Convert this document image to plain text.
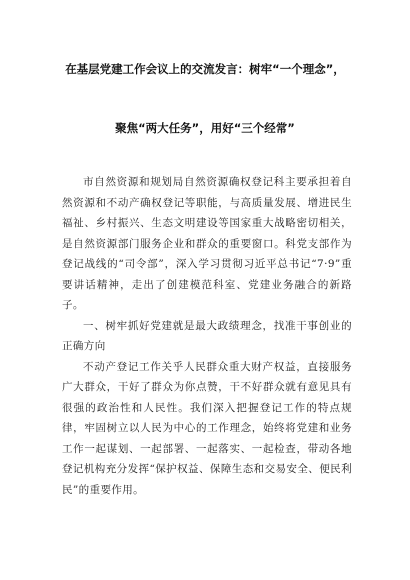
在基层党建工作会议上的交流发言：树牢“一个理念”，
聚焦“两大任务”，用好“三个经常”

市自然资源和规划局自然资源确权登记科主要承担着自然资源和不动产确权登记等职能，与高质量发展、增进民生福祉、乡村振兴、生态文明建设等国家重大战略密切相关，是自然资源部门服务企业和群众的重要窗口。科党支部作为登记战线的“司令部”，深入学习贯彻习近平总书记“7·9”重要讲话精神，走出了创建模范科室、党建业务融合的新路子。

一、树牢抓好党建就是最大政绩理念，找准干事创业的正确方向

不动产登记工作关乎人民群众重大财产权益，直接服务广大群众，干好了群众为你点赞，干不好群众就有意见具有很强的政治性和人民性。我们深入把握登记工作的特点规律，牢固树立以人民为中心的工作理念，始终将党建和业务工作一起谋划、一起部署、一起落实、一起检查，带动各地登记机构充分发挥“保护权益、保障生态和交易安全、便民利民”的重要作用。
